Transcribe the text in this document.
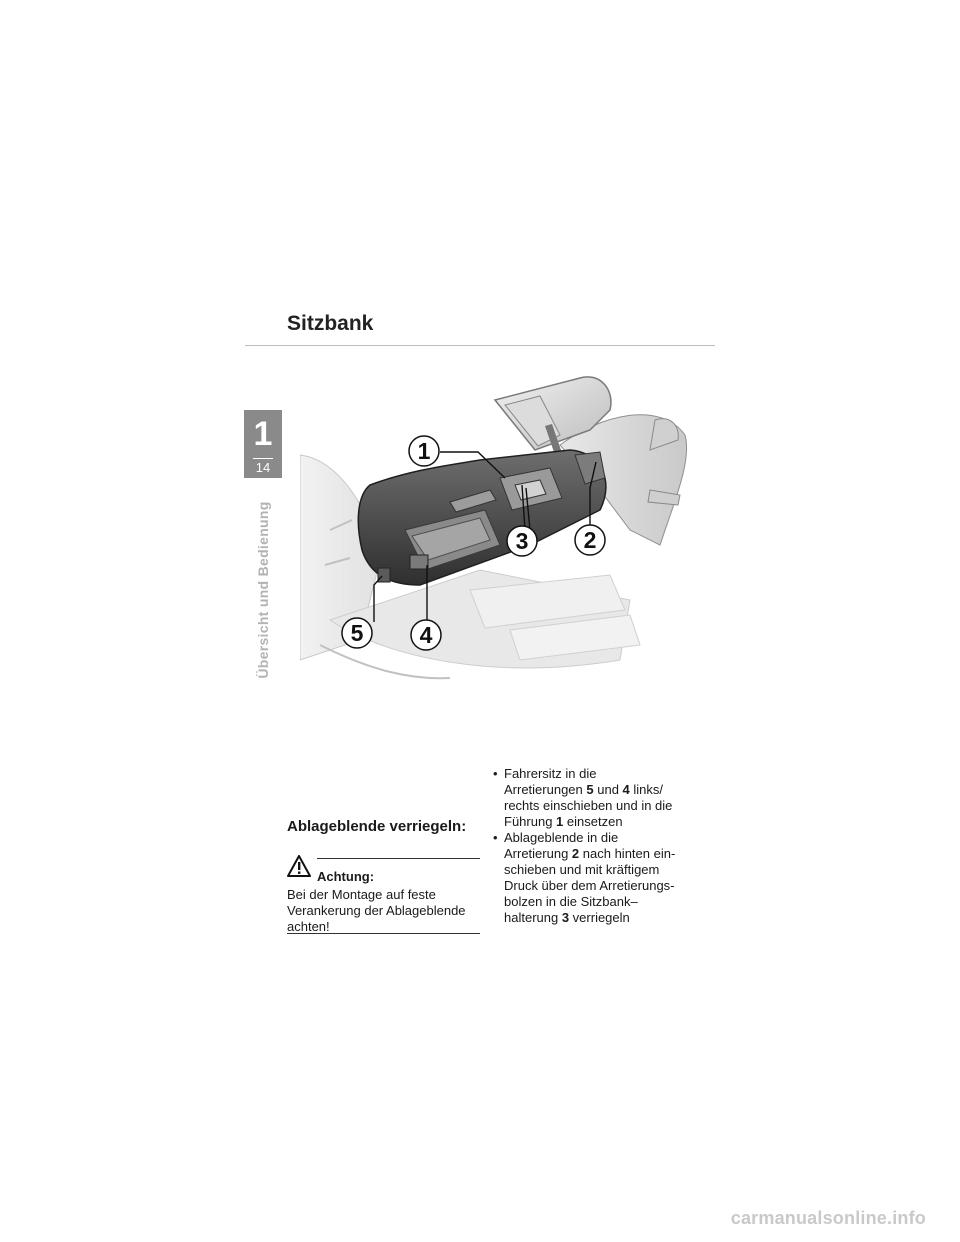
Sitzbank
1
14
Übersicht und Bedienung
1
2
3
4
5
Ablageblende verriegeln:
Achtung:

Bei der Montage auf feste
Verankerung der Ablageblende
achten!

• Fahrersitz in die
Arretierungen 5 und 4 links/
rechts einschieben und in die
Führung 1 einsetzen
• Ablageblende in die
Arretierung 2 nach hinten ein-
schieben und mit kräftigem
Druck über dem Arretierungs-
bolzen in die Sitzbank–
halterung 3 verriegeln
carmanualsonline.info
